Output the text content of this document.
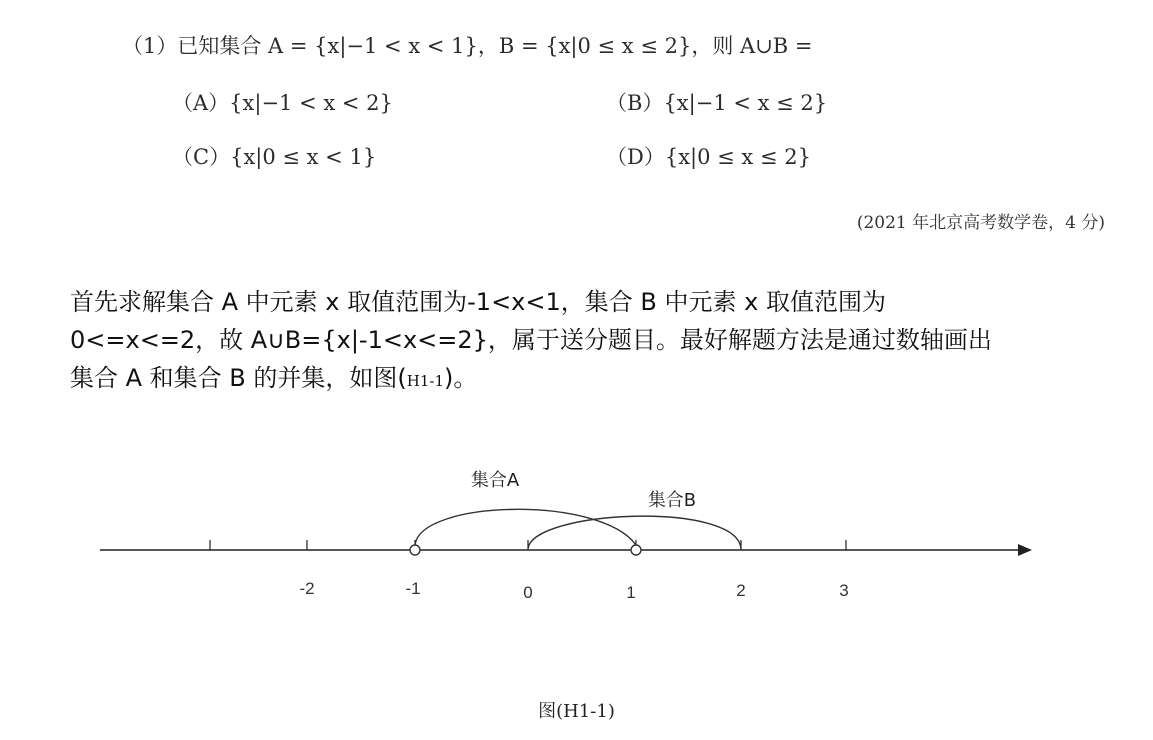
（1）已知集合 A = {x|−1 < x < 1}，B = {x|0 ≤ x ≤ 2}，则 A∪B =
（A）{x|−1 < x < 2}	（B）{x|−1 < x ≤ 2}
（C）{x|0 ≤ x < 1}	（D）{x|0 ≤ x ≤ 2}
(2021 年北京高考数学卷，4 分)
首先求解集合 A 中元素 x 取值范围为-1<x<1，集合 B 中元素 x 取值范围为
0<=x<=2，故 A∪B={x|-1<x<=2}，属于送分题目。最好解题方法是通过数轴画出
集合 A 和集合 B 的并集，如图(H1-1)。
-2	-1	0	1	2	3
集合A
集合B
图(H1-1)
